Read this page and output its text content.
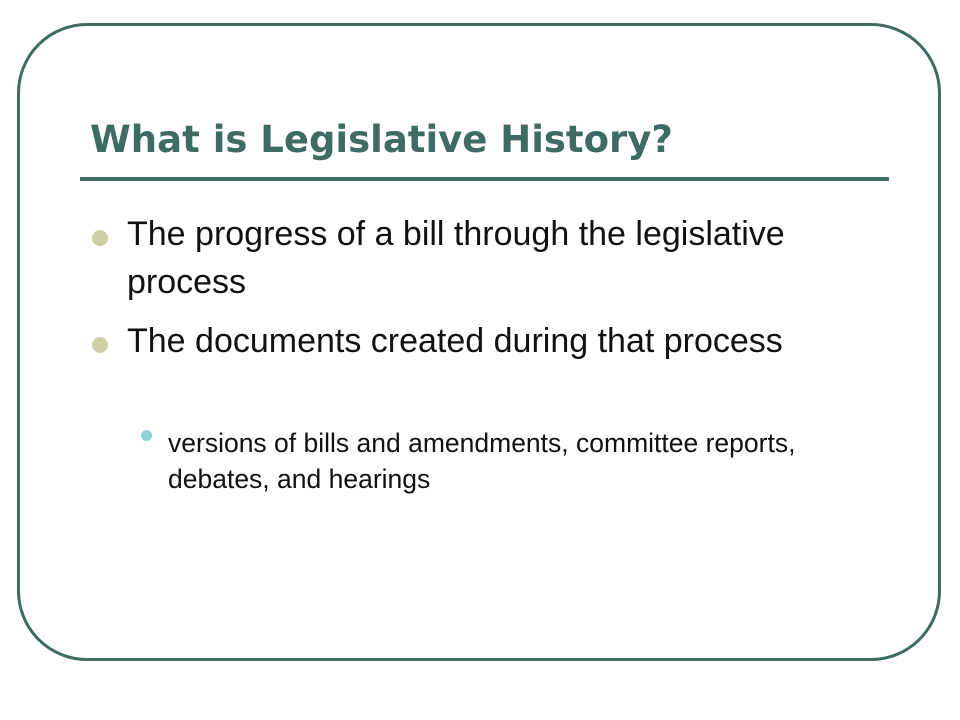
What is Legislative History?
The progress of a bill through the legislative process
The documents created during that process
versions of bills and amendments, committee reports, debates, and hearings
